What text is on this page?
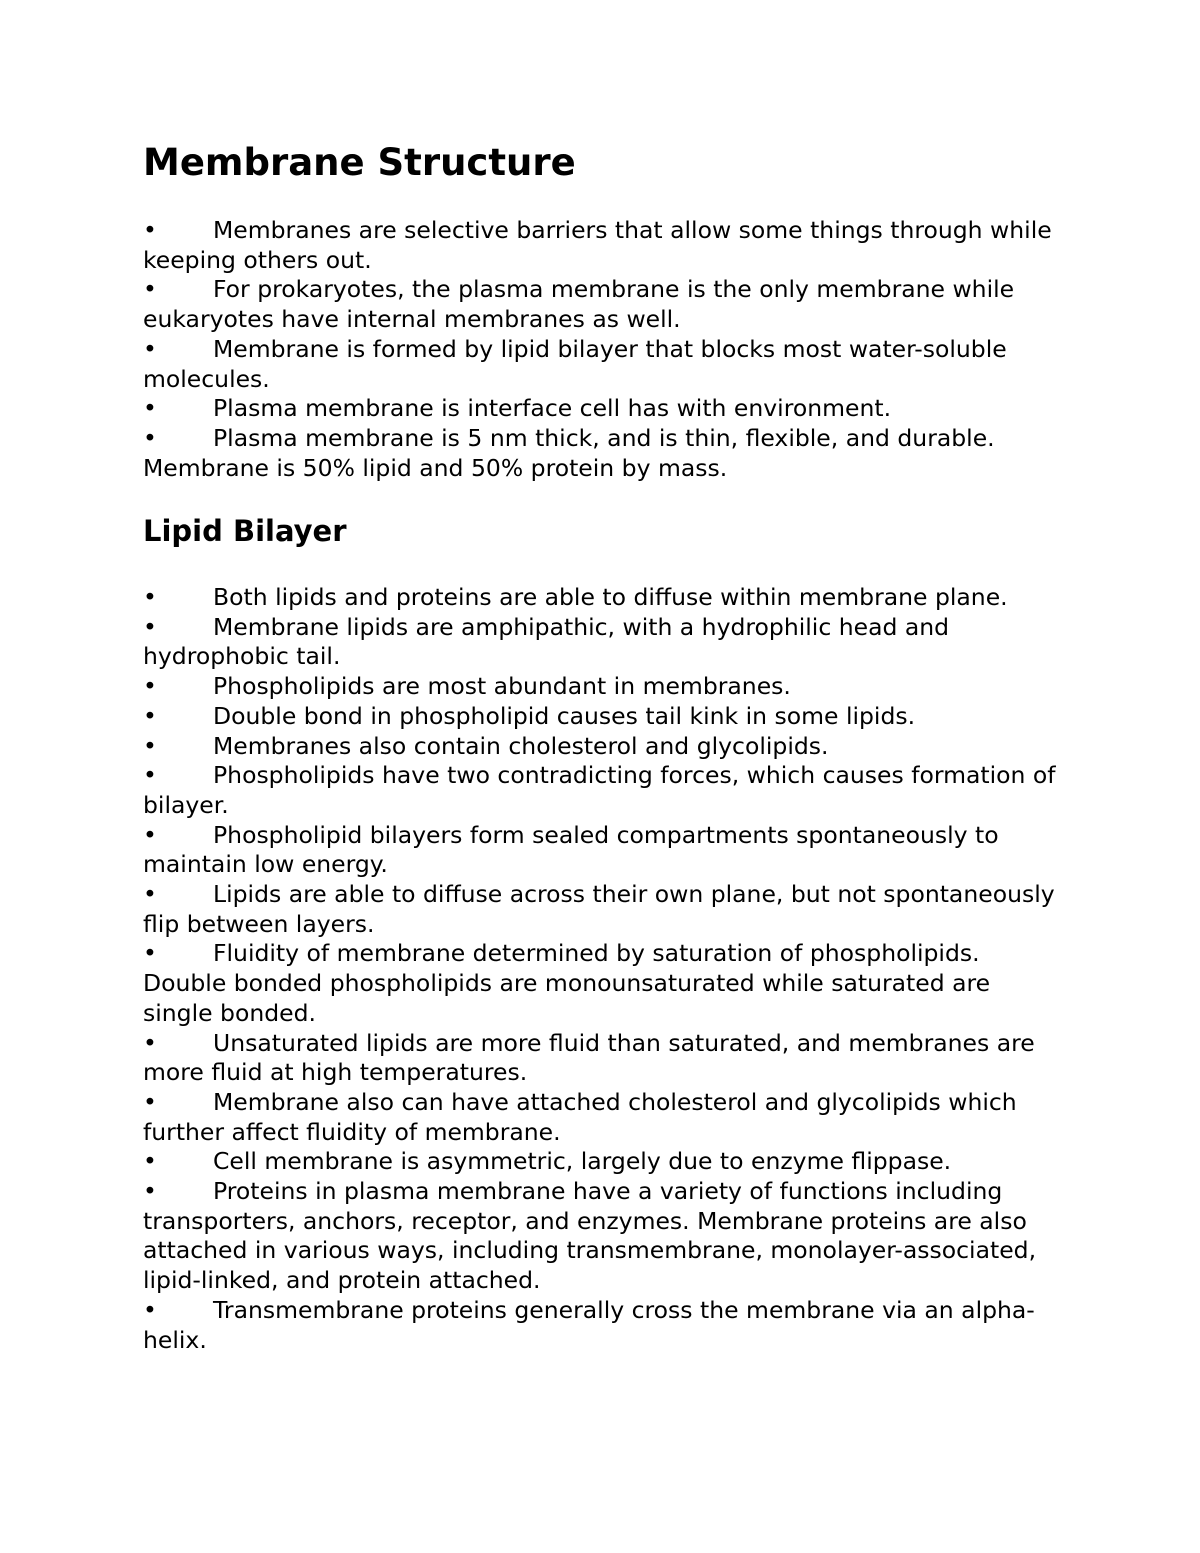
Membrane Structure

• Membranes are selective barriers that allow some things through while keeping others out.

• For prokaryotes, the plasma membrane is the only membrane while eukaryotes have internal membranes as well.

• Membrane is formed by lipid bilayer that blocks most water-soluble molecules.

• Plasma membrane is interface cell has with environment.

• Plasma membrane is 5 nm thick, and is thin, flexible, and durable. Membrane is 50% lipid and 50% protein by mass.

Lipid Bilayer

• Both lipids and proteins are able to diffuse within membrane plane.

• Membrane lipids are amphipathic, with a hydrophilic head and hydrophobic tail.

• Phospholipids are most abundant in membranes.

• Double bond in phospholipid causes tail kink in some lipids.

• Membranes also contain cholesterol and glycolipids.

• Phospholipids have two contradicting forces, which causes formation of bilayer.

• Phospholipid bilayers form sealed compartments spontaneously to maintain low energy.

• Lipids are able to diffuse across their own plane, but not spontaneously flip between layers.

• Fluidity of membrane determined by saturation of phospholipids. Double bonded phospholipids are monounsaturated while saturated are single bonded.

• Unsaturated lipids are more fluid than saturated, and membranes are more fluid at high temperatures.

• Membrane also can have attached cholesterol and glycolipids which further affect fluidity of membrane.

• Cell membrane is asymmetric, largely due to enzyme flippase.

• Proteins in plasma membrane have a variety of functions including transporters, anchors, receptor, and enzymes. Membrane proteins are also attached in various ways, including transmembrane, monolayer-associated, lipid-linked, and protein attached.

• Transmembrane proteins generally cross the membrane via an alpha-helix.
